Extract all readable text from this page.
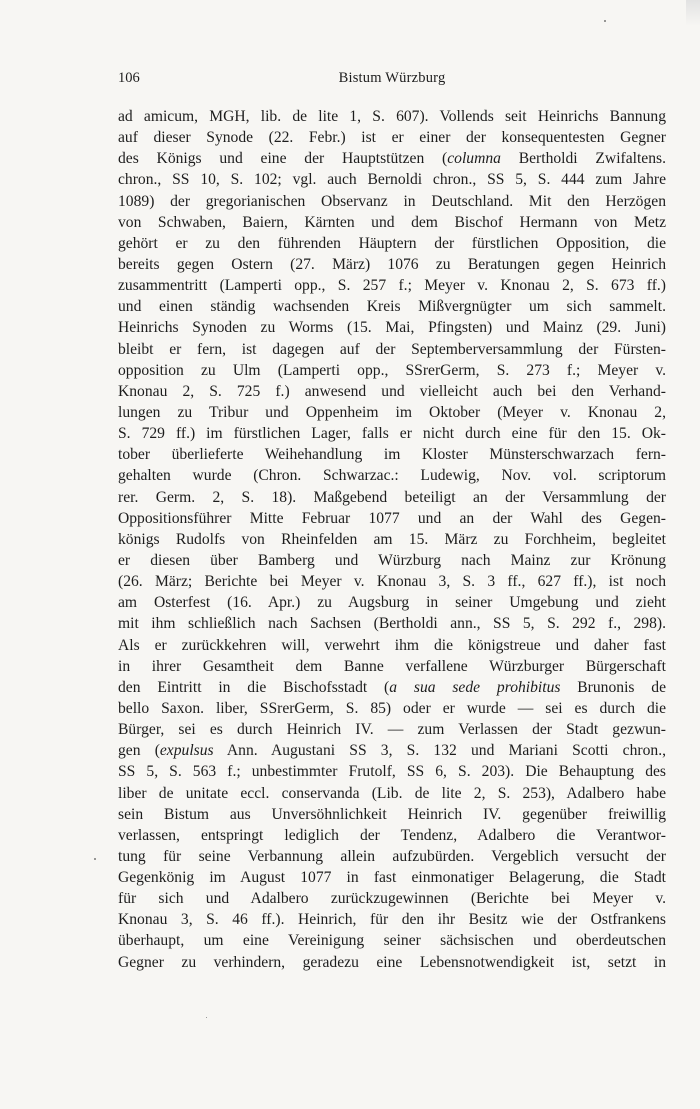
106	Bistum Würzburg
ad amicum, MGH, lib. de lite 1, S. 607). Vollends seit Heinrichs Bannung
auf dieser Synode (22. Febr.) ist er einer der konsequentesten Gegner
des Königs und eine der Hauptstützen (columna Bertholdi Zwifaltens.
chron., SS 10, S. 102; vgl. auch Bernoldi chron., SS 5, S. 444 zum Jahre
1089) der gregorianischen Observanz in Deutschland. Mit den Herzögen
von Schwaben, Baiern, Kärnten und dem Bischof Hermann von Metz
gehört er zu den führenden Häuptern der fürstlichen Opposition, die
bereits gegen Ostern (27. März) 1076 zu Beratungen gegen Heinrich
zusammentritt (Lamperti opp., S. 257 f.; Meyer v. Knonau 2, S. 673 ff.)
und einen ständig wachsenden Kreis Mißvergnügter um sich sammelt.
Heinrichs Synoden zu Worms (15. Mai, Pfingsten) und Mainz (29. Juni)
bleibt er fern, ist dagegen auf der Septemberversammlung der Fürsten-
opposition zu Ulm (Lamperti opp., SSrerGerm, S. 273 f.; Meyer v.
Knonau 2, S. 725 f.) anwesend und vielleicht auch bei den Verhand-
lungen zu Tribur und Oppenheim im Oktober (Meyer v. Knonau 2,
S. 729 ff.) im fürstlichen Lager, falls er nicht durch eine für den 15. Ok-
tober überlieferte Weihehandlung im Kloster Münsterschwarzach fern-
gehalten wurde (Chron. Schwarzac.: Ludewig, Nov. vol. scriptorum
rer. Germ. 2, S. 18). Maßgebend beteiligt an der Versammlung der
Oppositionsführer Mitte Februar 1077 und an der Wahl des Gegen-
königs Rudolfs von Rheinfelden am 15. März zu Forchheim, begleitet
er diesen über Bamberg und Würzburg nach Mainz zur Krönung
(26. März; Berichte bei Meyer v. Knonau 3, S. 3 ff., 627 ff.), ist noch
am Osterfest (16. Apr.) zu Augsburg in seiner Umgebung und zieht
mit ihm schließlich nach Sachsen (Bertholdi ann., SS 5, S. 292 f., 298).
Als er zurückkehren will, verwehrt ihm die königstreue und daher fast
in ihrer Gesamtheit dem Banne verfallene Würzburger Bürgerschaft
den Eintritt in die Bischofsstadt (a sua sede prohibitus Brunonis de
bello Saxon. liber, SSrerGerm, S. 85) oder er wurde — sei es durch die
Bürger, sei es durch Heinrich IV. — zum Verlassen der Stadt gezwun-
gen (expulsus Ann. Augustani SS 3, S. 132 und Mariani Scotti chron.,
SS 5, S. 563 f.; unbestimmter Frutolf, SS 6, S. 203). Die Behauptung des
liber de unitate eccl. conservanda (Lib. de lite 2, S. 253), Adalbero habe
sein Bistum aus Unversöhnlichkeit Heinrich IV. gegenüber freiwillig
verlassen, entspringt lediglich der Tendenz, Adalbero die Verantwor-
tung für seine Verbannung allein aufzubürden. Vergeblich versucht der
Gegenkönig im August 1077 in fast einmonatiger Belagerung, die Stadt
für sich und Adalbero zurückzugewinnen (Berichte bei Meyer v.
Knonau 3, S. 46 ff.). Heinrich, für den ihr Besitz wie der Ostfrankens
überhaupt, um eine Vereinigung seiner sächsischen und oberdeutschen
Gegner zu verhindern, geradezu eine Lebensnotwendigkeit ist, setzt in
